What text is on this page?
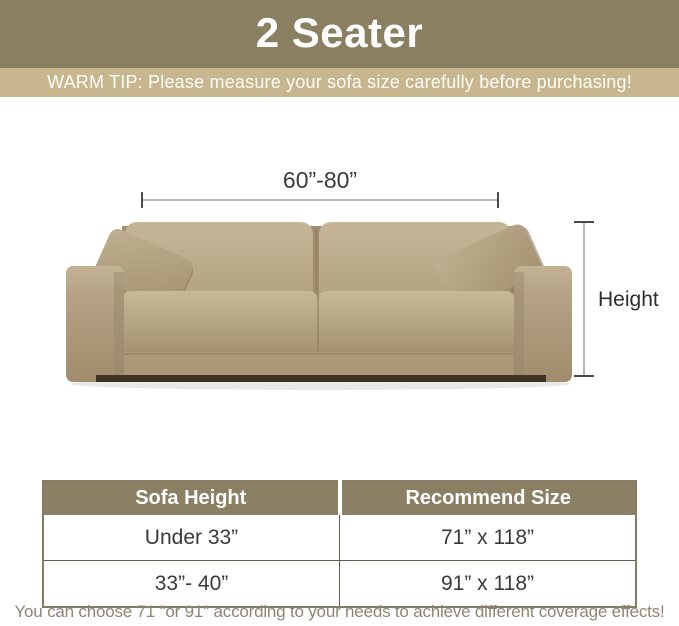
2 Seater
WARM TIP: Please measure your sofa size carefully before purchasing!
60”-80”
Height
Sofa Height	Recommend Size
Under 33”	71” x 118”
33”- 40”	91” x 118”
You can choose 71 "or 91" according to your needs to achieve different coverage effects!
